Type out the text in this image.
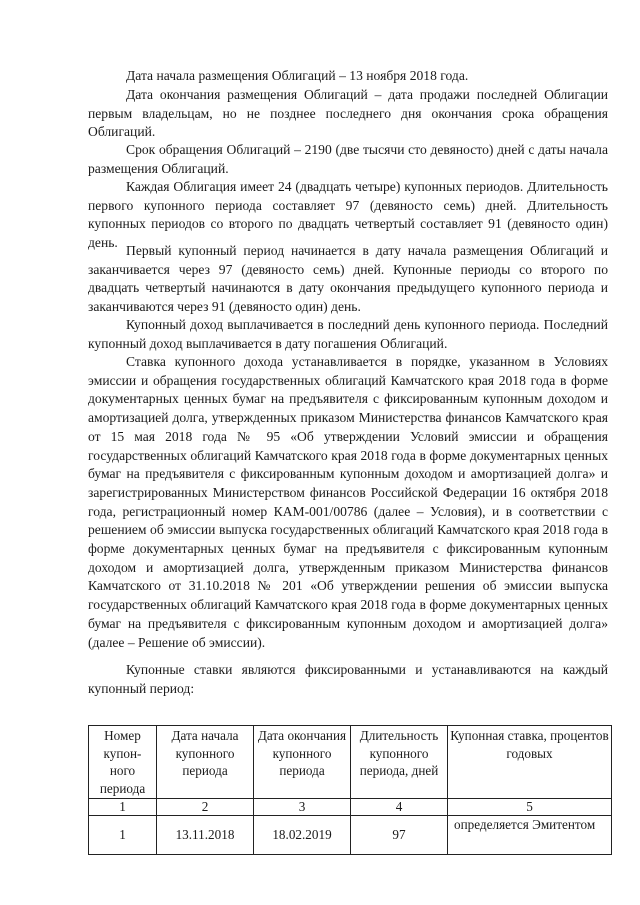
Дата начала размещения Облигаций – 13 ноября 2018 года.

Дата окончания размещения Облигаций – дата продажи последней Облигации первым владельцам, но не позднее последнего дня окончания срока обращения Облигаций.

Срок обращения Облигаций – 2190 (две тысячи сто девяносто) дней с даты начала размещения Облигаций.

Каждая Облигация имеет 24 (двадцать четыре) купонных периодов. Длительность первого купонного периода составляет 97 (девяносто семь) дней. Длительность купонных периодов со второго по двадцать четвертый составляет 91 (девяносто один) день.

Первый купонный период начинается в дату начала размещения Облигаций и заканчивается через 97 (девяносто семь) дней. Купонные периоды со второго по двадцать четвертый начинаются в дату окончания предыдущего купонного периода и заканчиваются через 91 (девяносто один) день.

Купонный доход выплачивается в последний день купонного периода. Последний купонный доход выплачивается в дату погашения Облигаций.

Ставка купонного дохода устанавливается в порядке, указанном в Условиях эмиссии и обращения государственных облигаций Камчатского края 2018 года в форме документарных ценных бумаг на предъявителя с фиксированным купонным доходом и амортизацией долга, утвержденных приказом Министерства финансов Камчатского края от 15 мая 2018 года № 95 «Об утверждении Условий эмиссии и обращения государственных облигаций Камчатского края 2018 года в форме документарных ценных бумаг на предъявителя с фиксированным купонным доходом и амортизацией долга» и зарегистрированных Министерством финансов Российской Федерации 16 октября 2018 года, регистрационный номер КАМ-001/00786 (далее – Условия), и в соответствии с решением об эмиссии выпуска государственных облигаций Камчатского края 2018 года в форме документарных ценных бумаг на предъявителя с фиксированным купонным доходом и амортизацией долга, утвержденным приказом Министерства финансов Камчатского от 31.10.2018 № 201 «Об утверждении решения об эмиссии выпуска государственных облигаций Камчатского края 2018 года в форме документарных ценных бумаг на предъявителя с фиксированным купонным доходом и амортизацией долга» (далее – Решение об эмиссии).

Купонные ставки являются фиксированными и устанавливаются на каждый купонный период:

Номер купон-ного периода	Дата начала купонного периода	Дата окончания купонного периода	Длительность купонного периода, дней	Купонная ставка, процентов годовых
1	2	3	4	5
1	13.11.2018	18.02.2019	97	определяется Эмитентом
